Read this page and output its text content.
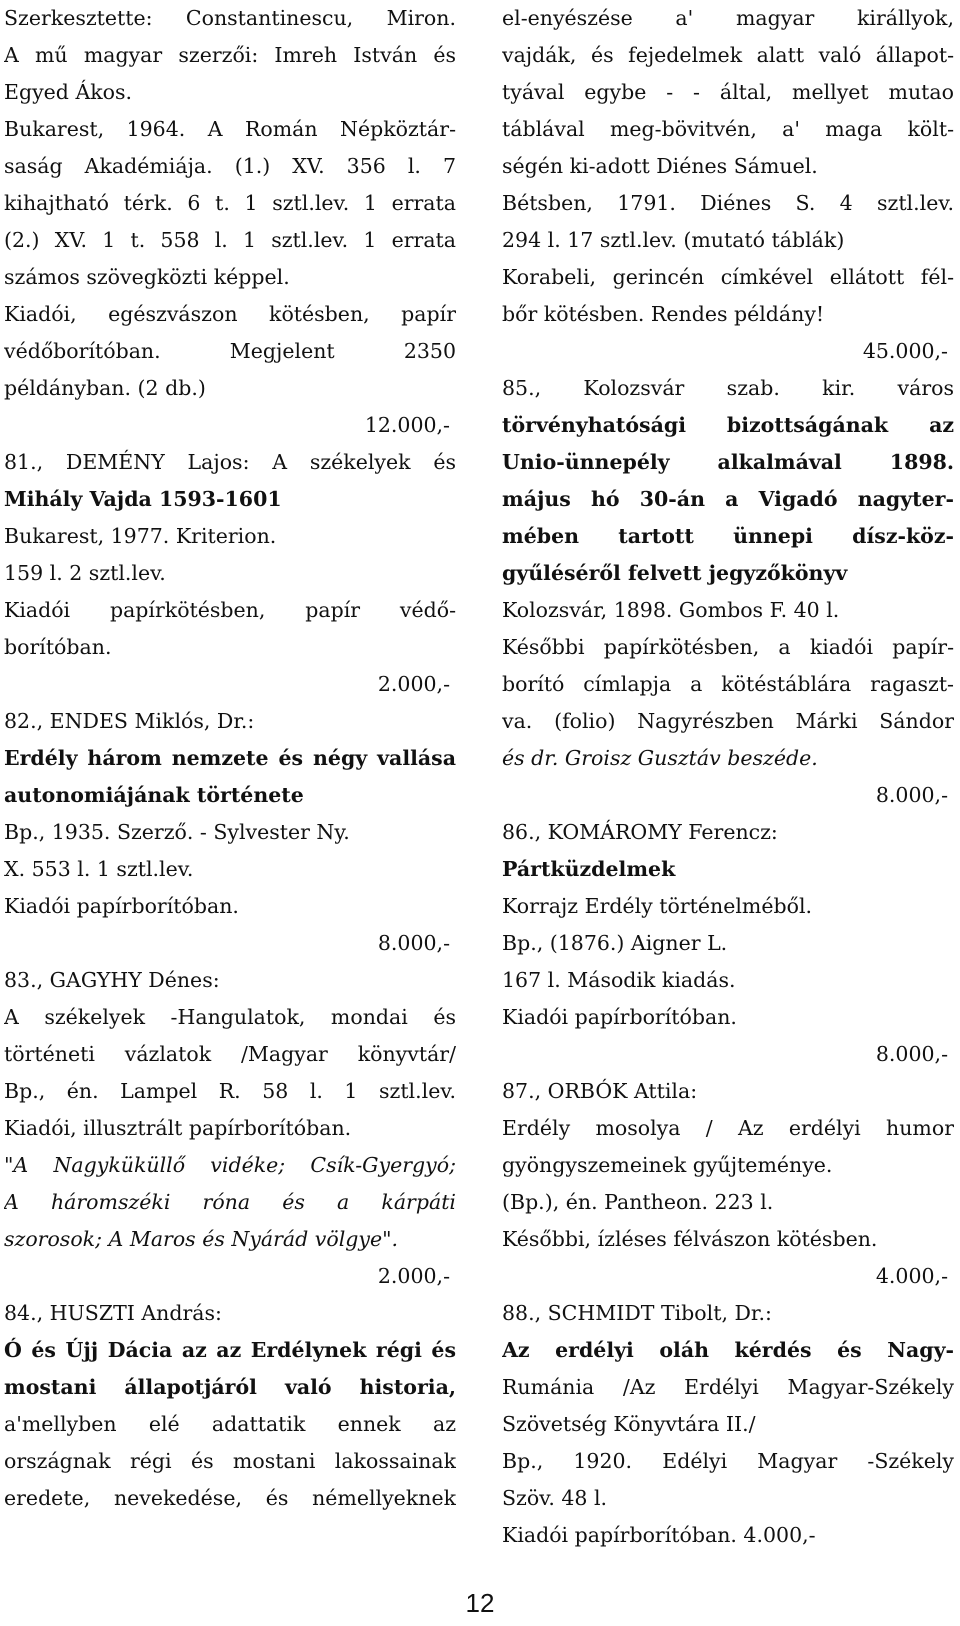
Szerkesztette: Constantinescu, Miron.
A mű magyar szerzői: Imreh István és
Egyed Ákos.
Bukarest, 1964. A Román Népköztár-
saság Akadémiája. (1.) XV. 356 l. 7
kihajtható térk. 6 t. 1 sztl.lev. 1 errata
(2.) XV. 1 t. 558 l. 1 sztl.lev. 1 errata
számos szövegközti képpel.
Kiadói, egészvászon kötésben, papír
védőborítóban. Megjelent 2350
példányban. (2 db.)
12.000,-
81., DEMÉNY Lajos: A székelyek és
Mihály Vajda 1593-1601
Bukarest, 1977. Kriterion.
159 l. 2 sztl.lev.
Kiadói papírkötésben, papír védő-
borítóban.
2.000,-
82., ENDES Miklós, Dr.:
Erdély három nemzete és négy vallása
autonomiájának története
Bp., 1935. Szerző. - Sylvester Ny.
X. 553 l. 1 sztl.lev.
Kiadói papírborítóban.
8.000,-
83., GAGYHY Dénes:
A székelyek -Hangulatok, mondai és
történeti vázlatok /Magyar könyvtár/
Bp., én. Lampel R. 58 l. 1 sztl.lev.
Kiadói, illusztrált papírborítóban.
"A Nagyküküllő vidéke; Csík-Gyergyó;
A háromszéki róna és a kárpáti
szorosok; A Maros és Nyárád völgye".
2.000,-
84., HUSZTI András:
Ó és Újj Dácia az az Erdélynek régi és
mostani állapotjáról való historia,
a'mellyben elé adattatik ennek az
országnak régi és mostani lakossainak
eredete, nevekedése, és némellyeknek
el-enyészése a' magyar királlyok,
vajdák, és fejedelmek alatt való állapot-
tyával egybe - - által, mellyet mutao
táblával meg-bövitvén, a' maga költ-
ségén ki-adott Diénes Sámuel.
Bétsben, 1791. Diénes S. 4 sztl.lev.
294 l. 17 sztl.lev. (mutató táblák)
Korabeli, gerincén címkével ellátott fél-
bőr kötésben. Rendes példány!
45.000,-
85., Kolozsvár szab. kir. város
törvényhatósági bizottságának az
Unio-ünnepély alkalmával 1898.
május hó 30-án a Vigadó nagyter-
mében tartott ünnepi dísz-köz-
gyűléséről felvett jegyzőkönyv
Kolozsvár, 1898. Gombos F. 40 l.
Későbbi papírkötésben, a kiadói papír-
borító címlapja a kötéstáblára ragaszt-
va. (folio) Nagyrészben Márki Sándor
és dr. Groisz Gusztáv beszéde.
8.000,-
86., KOMÁROMY Ferencz:
Pártküzdelmek
Korrajz Erdély történelméből.
Bp., (1876.) Aigner L.
167 l. Második kiadás.
Kiadói papírborítóban.
8.000,-
87., ORBÓK Attila:
Erdély mosolya / Az erdélyi humor
gyöngyszemeinek gyűjteménye.
(Bp.), én. Pantheon. 223 l.
Későbbi, ízléses félvászon kötésben.
4.000,-
88., SCHMIDT Tibolt, Dr.:
Az erdélyi oláh kérdés és Nagy-
Rumánia /Az Erdélyi Magyar-Székely
Szövetség Könyvtára II./
Bp., 1920. Edélyi Magyar -Székely
Szöv. 48 l.
Kiadói papírborítóban. 4.000,-
12
